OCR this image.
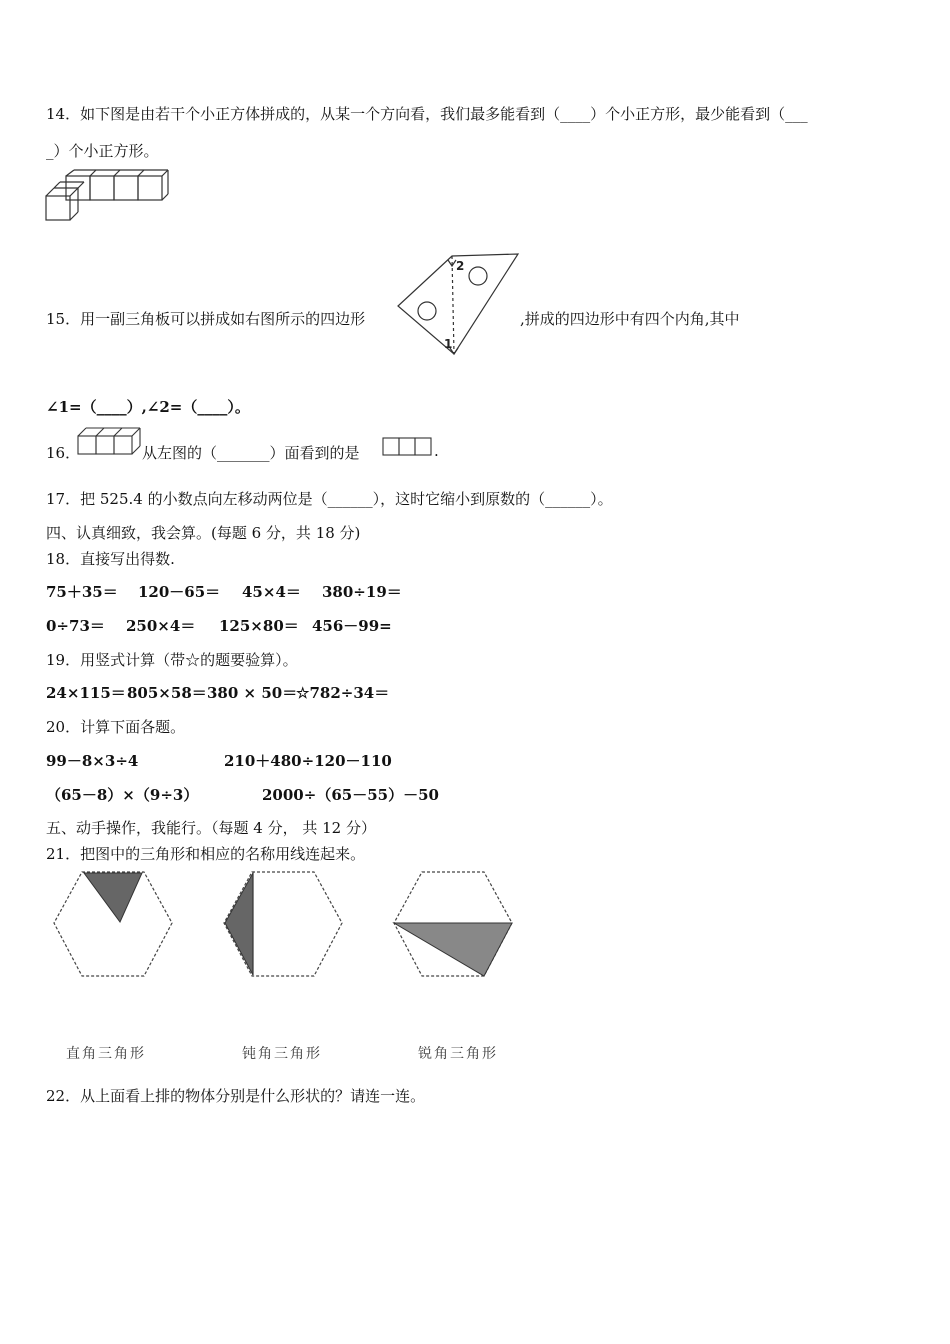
14．如下图是由若干个小正方体拼成的，从某一个方向看，我们最多能看到（____）个小正方形，最少能看到（___
_）个小正方形。
15．用一副三角板可以拼成如右图所示的四边形
2
1
,拼成的四边形中有四个内角,其中
∠1=（____）,∠2=（____）。
16．	从左图的（_______）面看到的是	.
17．把 525.4 的小数点向左移动两位是（______），这时它缩小到原数的（______）。
四、认真细致，我会算。(每题 6 分，共 18 分)
18．直接写出得数.
75＋35＝ 120－65＝ 45×4＝ 380÷19＝
0÷73＝ 250×4＝ 125×80＝ 456－99=
19．用竖式计算（带☆的题要验算）。
24×115＝ 805×58＝ 380 × 50＝
☆782÷34＝
20．计算下面各题。
99－8×3÷4	210＋480÷120－110
（65－8）×（9÷3）	2000÷（65－55）－50
五、动手操作，我能行。（每题 4 分， 共 12 分）
21．把图中的三角形和相应的名称用线连起来。
直角三角形	钝角三角形	锐角三角形
22．从上面看上排的物体分别是什么形状的？请连一连。
